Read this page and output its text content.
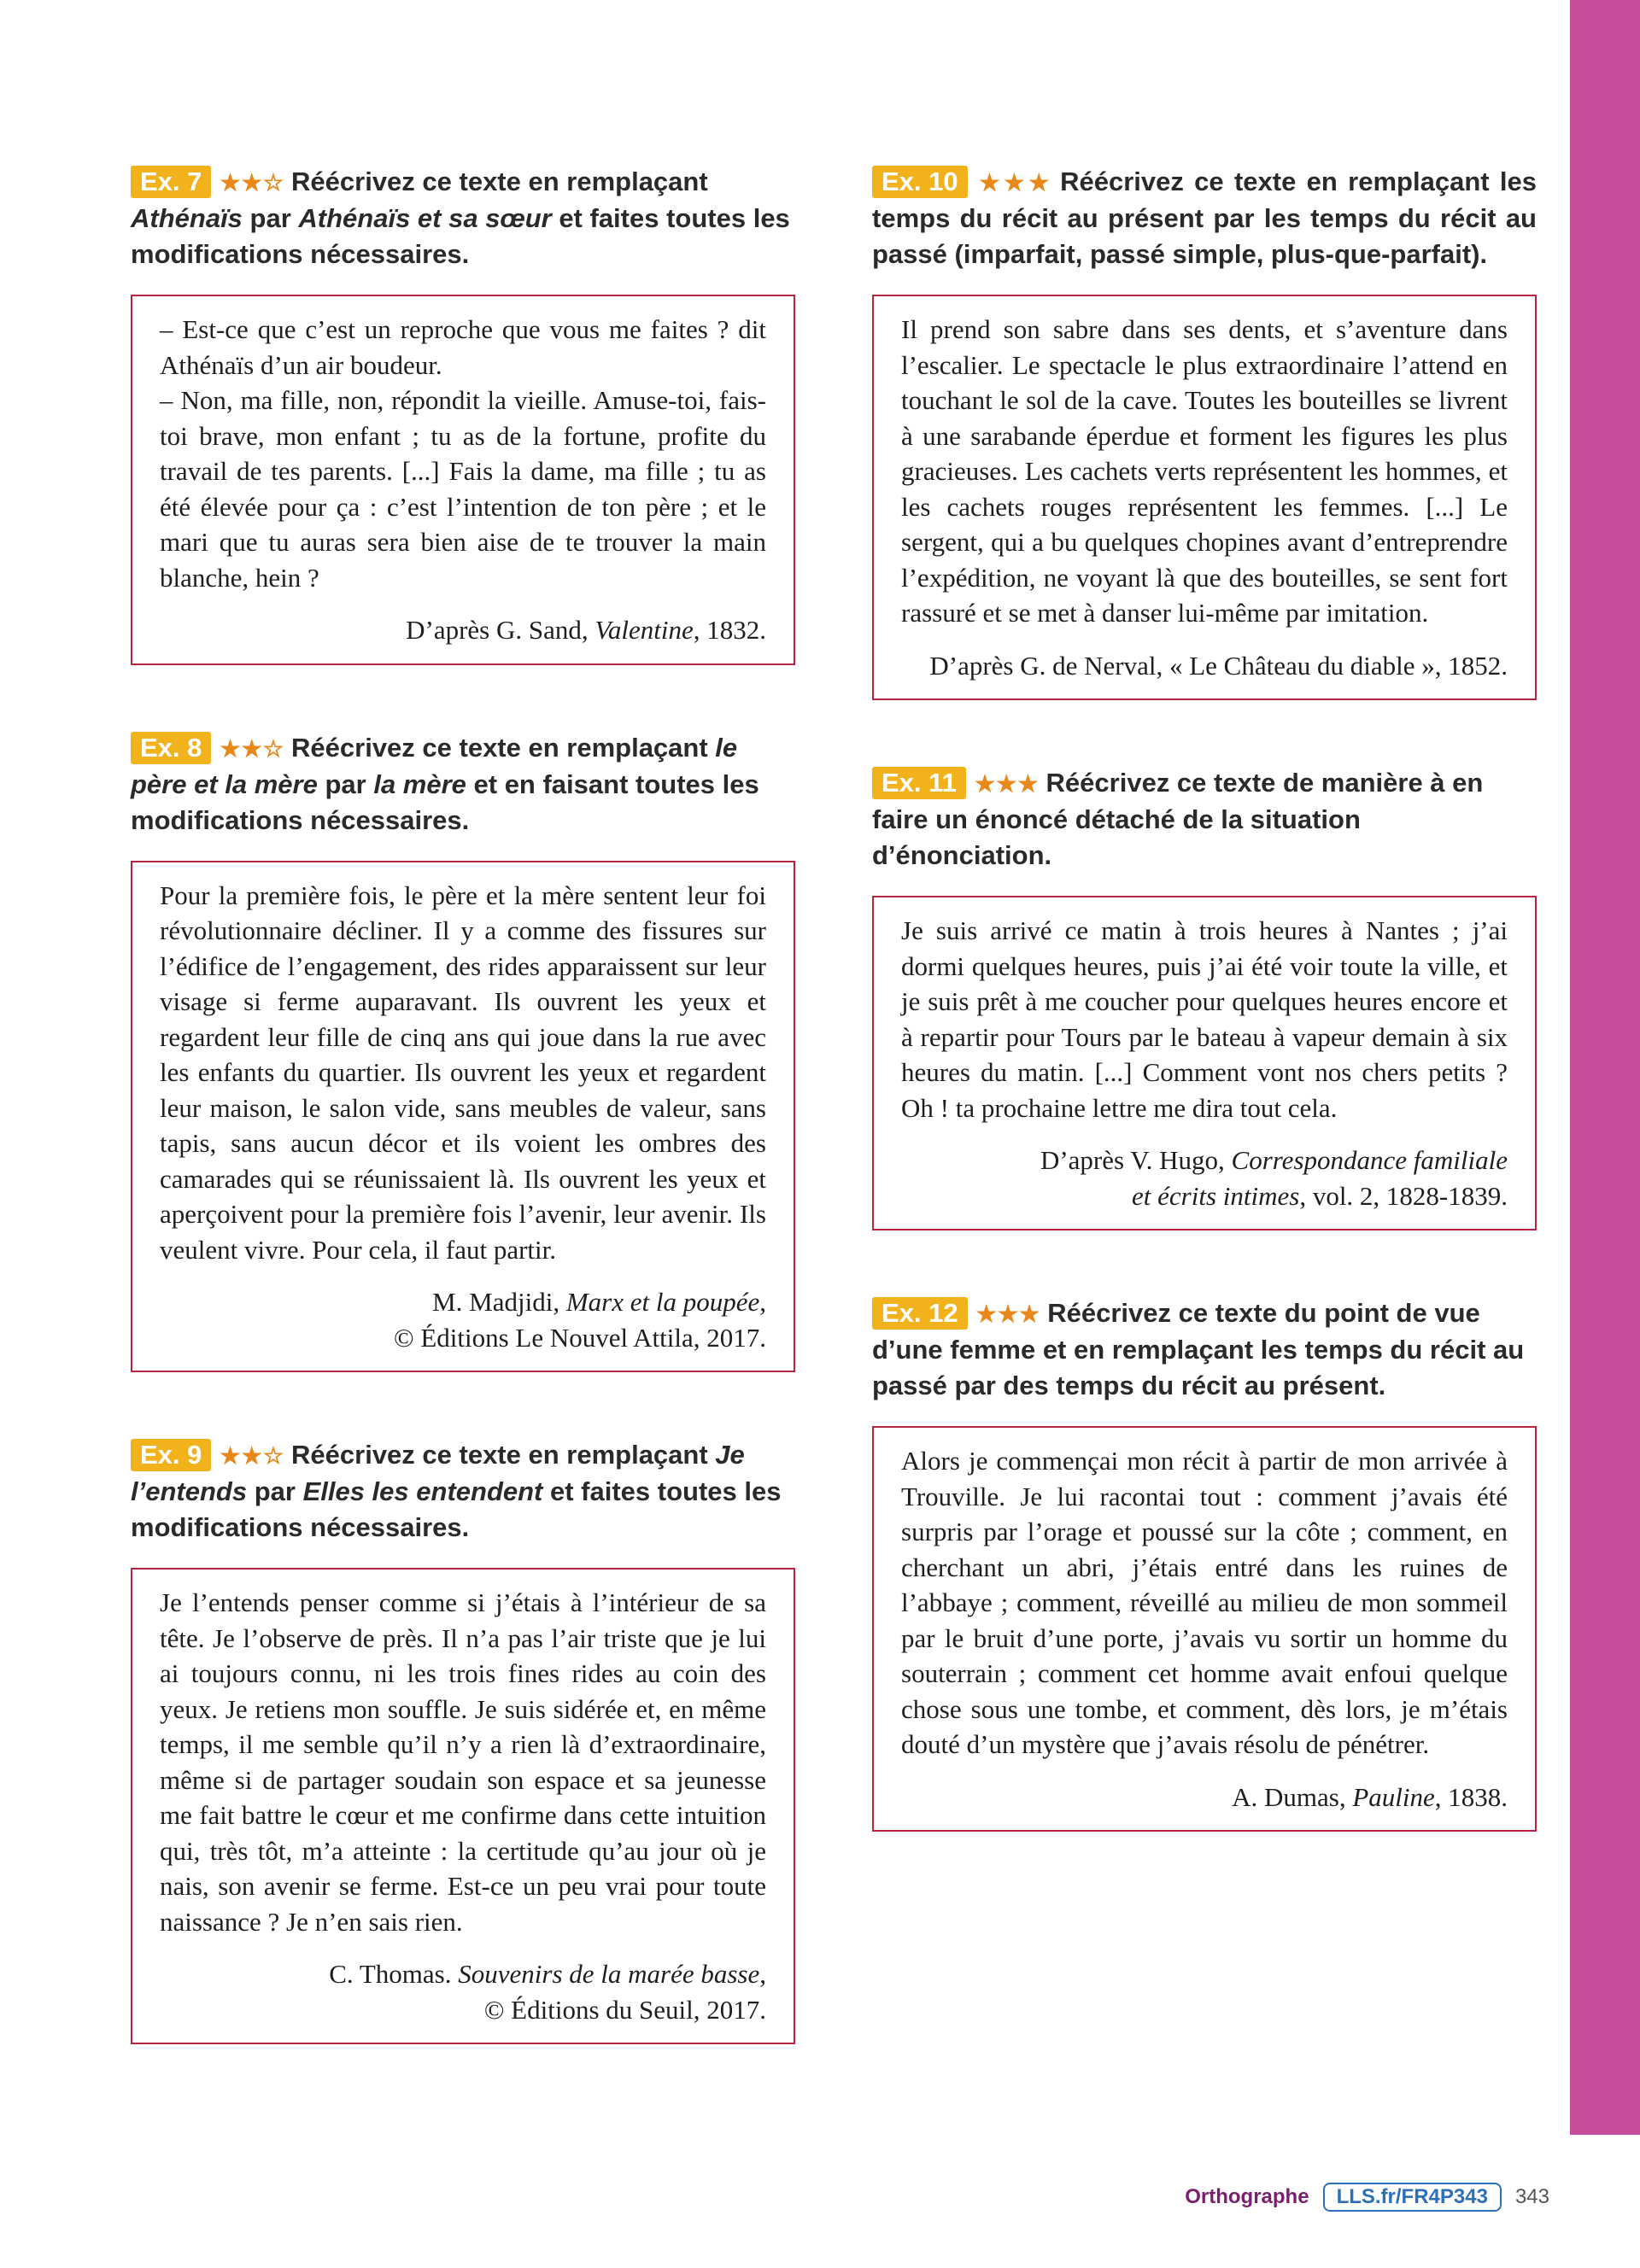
Ex. 7 ★★☆ Réécrivez ce texte en remplaçant Athénaïs par Athénaïs et sa sœur et faites toutes les modifications nécessaires.

– Est-ce que c’est un reproche que vous me faites ? dit Athénaïs d’un air boudeur.

– Non, ma fille, non, répondit la vieille. Amuse-toi, fais-toi brave, mon enfant ; tu as de la fortune, profite du travail de tes parents. [...] Fais la dame, ma fille ; tu as été élevée pour ça : c’est l’intention de ton père ; et le mari que tu auras sera bien aise de te trouver la main blanche, hein ?

D’après G. Sand, Valentine, 1832.
Ex. 8 ★★☆ Réécrivez ce texte en remplaçant le père et la mère par la mère et en faisant toutes les modifications nécessaires.

Pour la première fois, le père et la mère sentent leur foi révolutionnaire décliner. Il y a comme des fissures sur l’édifice de l’engagement, des rides apparaissent sur leur visage si ferme auparavant. Ils ouvrent les yeux et regardent leur fille de cinq ans qui joue dans la rue avec les enfants du quartier. Ils ouvrent les yeux et regardent leur maison, le salon vide, sans meubles de valeur, sans tapis, sans aucun décor et ils voient les ombres des camarades qui se réunissaient là. Ils ouvrent les yeux et aperçoivent pour la première fois l’avenir, leur avenir. Ils veulent vivre. Pour cela, il faut partir.

M. Madjidi, Marx et la poupée,
© Éditions Le Nouvel Attila, 2017.
Ex. 9 ★★☆ Réécrivez ce texte en remplaçant Je l’entends par Elles les entendent et faites toutes les modifications nécessaires.

Je l’entends penser comme si j’étais à l’intérieur de sa tête. Je l’observe de près. Il n’a pas l’air triste que je lui ai toujours connu, ni les trois fines rides au coin des yeux. Je retiens mon souffle. Je suis sidérée et, en même temps, il me semble qu’il n’y a rien là d’extraordinaire, même si de partager soudain son espace et sa jeunesse me fait battre le cœur et me confirme dans cette intuition qui, très tôt, m’a atteinte : la certitude qu’au jour où je nais, son avenir se ferme. Est-ce un peu vrai pour toute naissance ? Je n’en sais rien.

C. Thomas. Souvenirs de la marée basse,
© Éditions du Seuil, 2017.
Ex. 10 ★★★ Réécrivez ce texte en remplaçant les temps du récit au présent par les temps du récit au passé (imparfait, passé simple, plus-que-parfait).

Il prend son sabre dans ses dents, et s’aventure dans l’escalier. Le spectacle le plus extraordinaire l’attend en touchant le sol de la cave. Toutes les bouteilles se livrent à une sarabande éperdue et forment les figures les plus gracieuses. Les cachets verts représentent les hommes, et les cachets rouges représentent les femmes. [...] Le sergent, qui a bu quelques chopines avant d’entreprendre l’expédition, ne voyant là que des bouteilles, se sent fort rassuré et se met à danser lui-même par imitation.

D’après G. de Nerval, « Le Château du diable », 1852.
Ex. 11 ★★★ Réécrivez ce texte de manière à en faire un énoncé détaché de la situation d’énonciation.

Je suis arrivé ce matin à trois heures à Nantes ; j’ai dormi quelques heures, puis j’ai été voir toute la ville, et je suis prêt à me coucher pour quelques heures encore et à repartir pour Tours par le bateau à vapeur demain à six heures du matin. [...] Comment vont nos chers petits ? Oh ! ta prochaine lettre me dira tout cela.

D’après V. Hugo, Correspondance familiale
et écrits intimes, vol. 2, 1828-1839.
Ex. 12 ★★★ Réécrivez ce texte du point de vue d’une femme et en remplaçant les temps du récit au passé par des temps du récit au présent.

Alors je commençai mon récit à partir de mon arrivée à Trouville. Je lui racontai tout : comment j’avais été surpris par l’orage et poussé sur la côte ; comment, en cherchant un abri, j’étais entré dans les ruines de l’abbaye ; comment, réveillé au milieu de mon sommeil par le bruit d’une porte, j’avais vu sortir un homme du souterrain ; comment cet homme avait enfoui quelque chose sous une tombe, et comment, dès lors, je m’étais douté d’un mystère que j’avais résolu de pénétrer.

A. Dumas, Pauline, 1838.
Orthographe	LLS.fr/FR4P343	343
